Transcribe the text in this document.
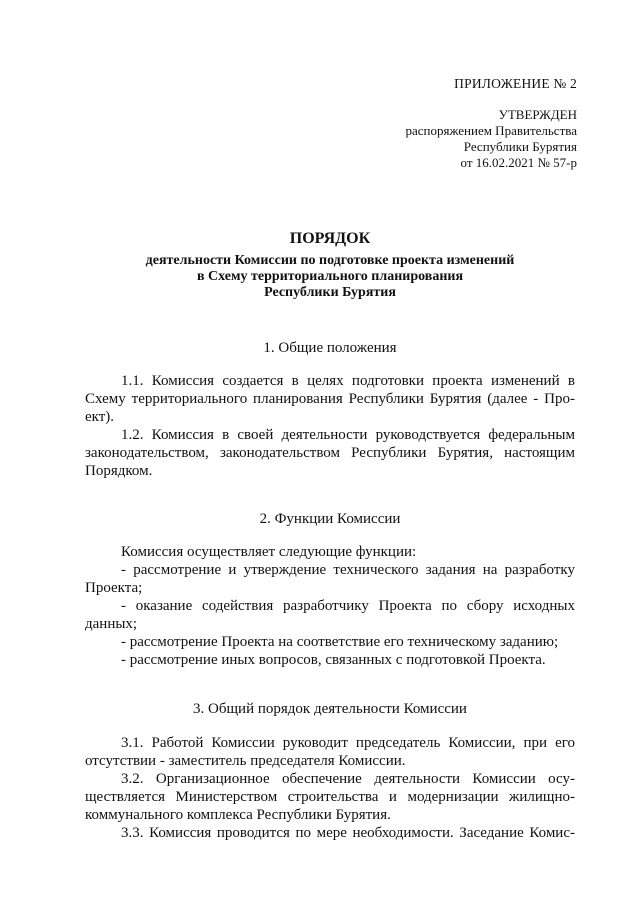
ПРИЛОЖЕНИЕ № 2
УТВЕРЖДЕН
распоряжением Правительства
Республики Бурятия
от 16.02.2021 № 57-р
ПОРЯДОК
деятельности Комиссии по подготовке проекта изменений
в Схему территориального планирования
Республики Бурятия
1. Общие положения
1.1. Комиссия создается в целях подготовки проекта изменений в
Схему территориального планирования Республики Бурятия (далее - Про-
ект).
1.2. Комиссия в своей деятельности руководствуется федеральным
законодательством, законодательством Республики Бурятия, настоящим
Порядком.
2. Функции Комиссии
Комиссия осуществляет следующие функции:
- рассмотрение и утверждение технического задания на разработку
Проекта;
- оказание содействия разработчику Проекта по сбору исходных
данных;
- рассмотрение Проекта на соответствие его техническому заданию;
- рассмотрение иных вопросов, связанных с подготовкой Проекта.
3. Общий порядок деятельности Комиссии
3.1. Работой Комиссии руководит председатель Комиссии, при его
отсутствии - заместитель председателя Комиссии.
3.2. Организационное обеспечение деятельности Комиссии осу-
ществляется Министерством строительства и модернизации жилищно-
коммунального комплекса Республики Бурятия.
3.3. Комиссия проводится по мере необходимости. Заседание Комис-
